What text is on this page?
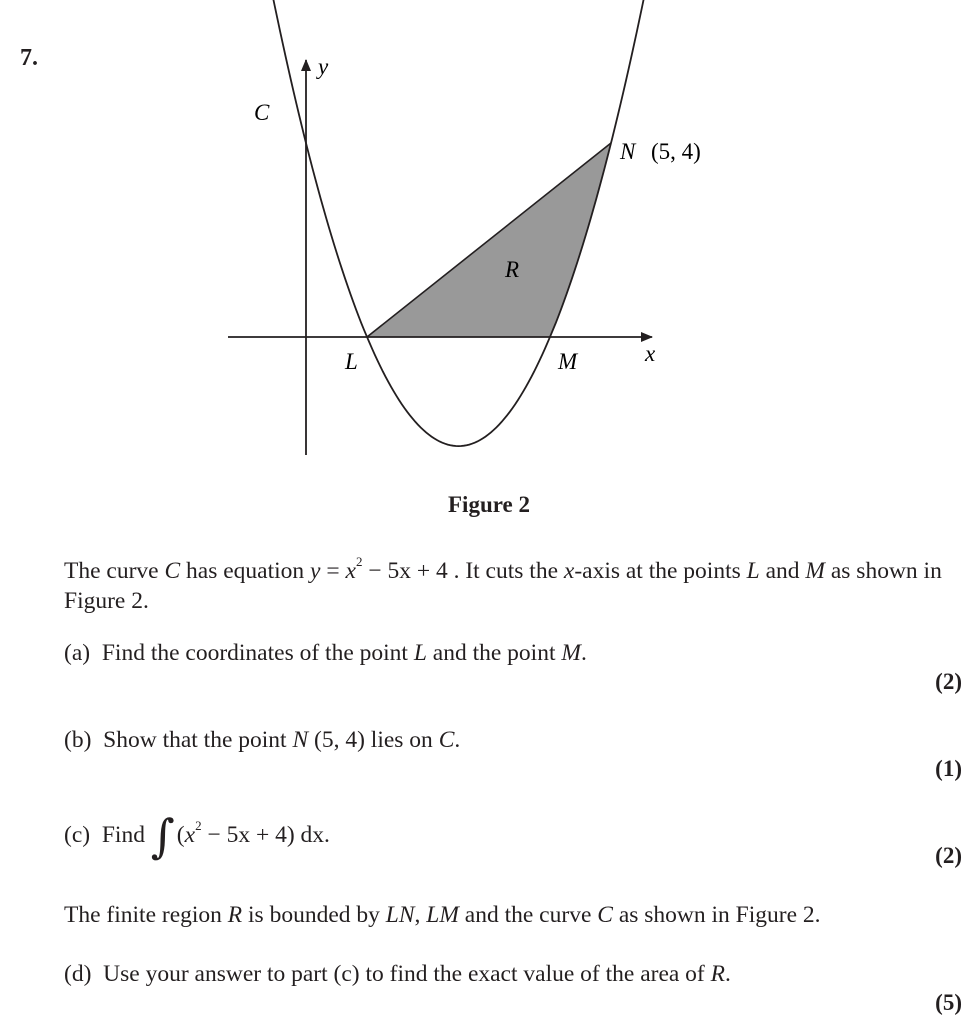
7.	y
x
C
N (5, 4)
R
L	M
Figure 2
The curve C has equation $y = x^2 - 5x + 4$ . It cuts the x-axis at the points L and M as shown in Figure 2.
(a) Find the coordinates of the point L and the point M.
(2)
(b) Show that the point N (5, 4) lies on C.
(1)
(c) Find $\int(x^2 - 5x + 4)$ dx.
(2)
The finite region R is bounded by LN, LM and the curve C as shown in Figure 2.
(d) Use your answer to part (c) to find the exact value of the area of R.
(5)
